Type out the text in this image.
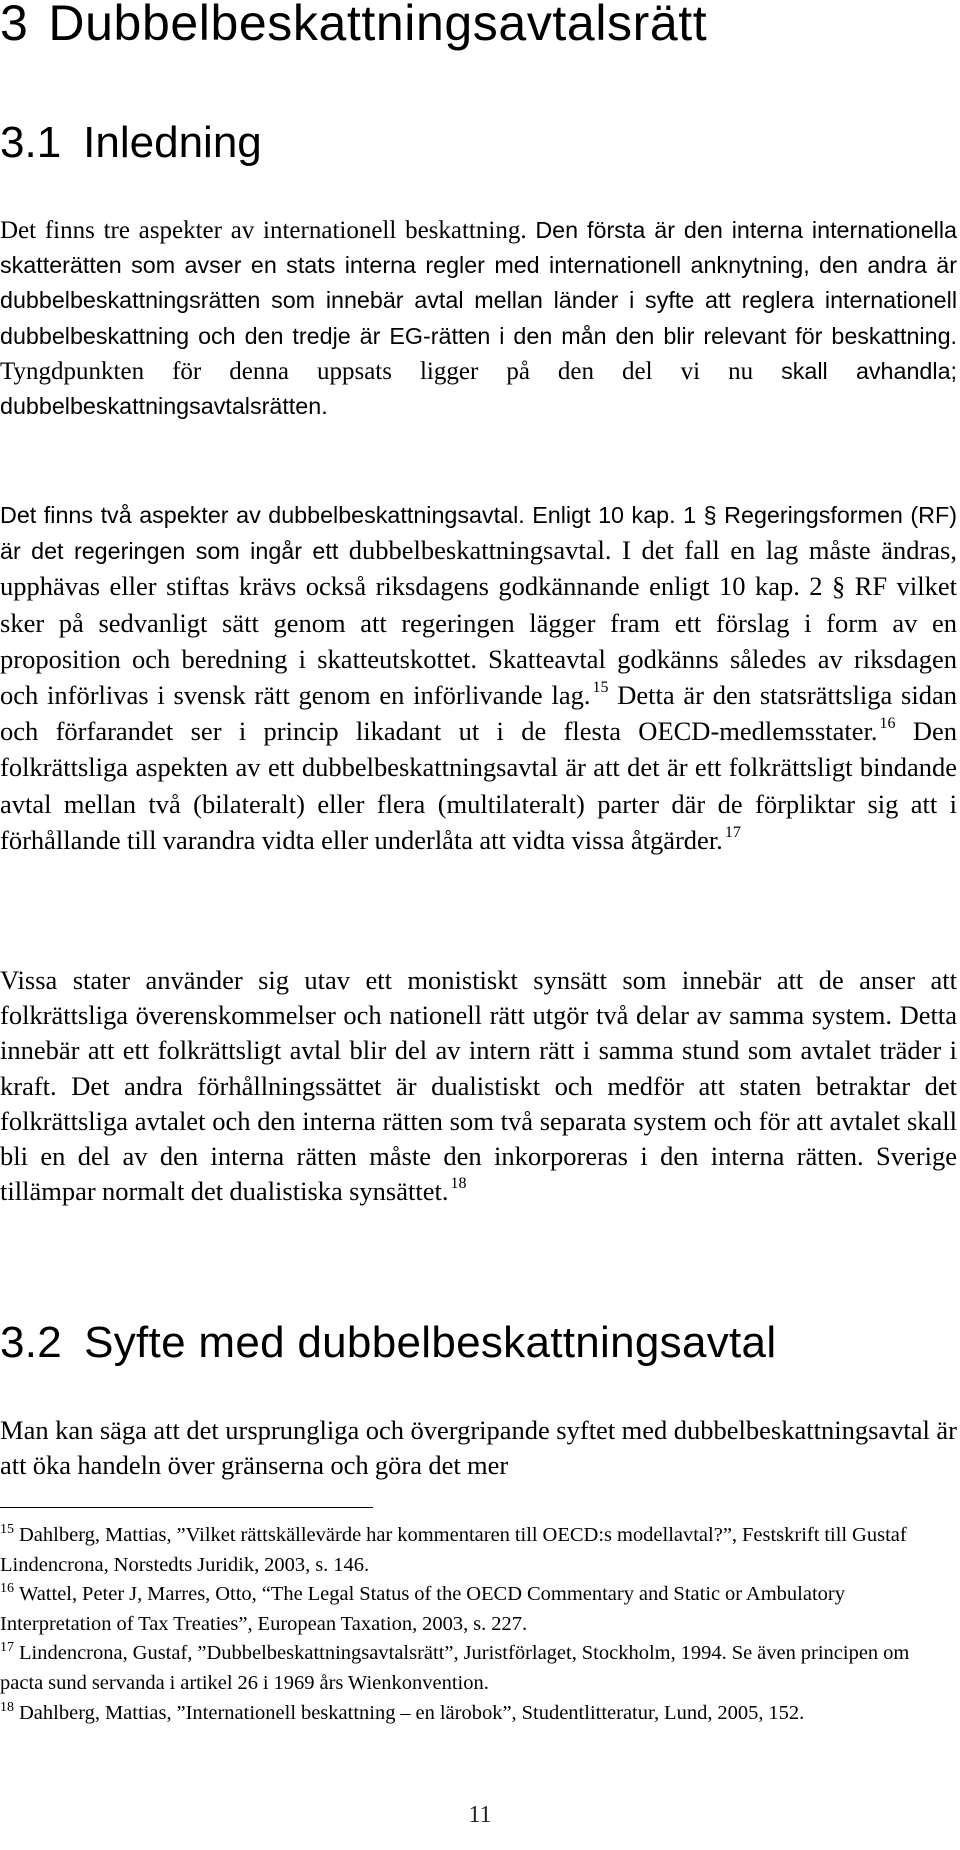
3 Dubbelbeskattningsavtalsrätt
3.1 Inledning

Det finns tre aspekter av internationell beskattning. Den första är den interna internationella skatterätten som avser en stats interna regler med internationell anknytning, den andra är dubbelbeskattningsrätten som innebär avtal mellan länder i syfte att reglera internationell dubbelbeskattning och den tredje är EG-rätten i den mån den blir relevant för beskattning. Tyngdpunkten för denna uppsats ligger på den del vi nu skall avhandla; dubbelbeskattningsavtalsrätten.

Det finns två aspekter av dubbelbeskattningsavtal. Enligt 10 kap. 1 § Regeringsformen (RF) är det regeringen som ingår ett dubbelbeskattningsavtal. I det fall en lag måste ändras, upphävas eller stiftas krävs också riksdagens godkännande enligt 10 kap. 2 § RF vilket sker på sedvanligt sätt genom att regeringen lägger fram ett förslag i form av en proposition och beredning i skatteutskottet. Skatteavtal godkänns således av riksdagen och införlivas i svensk rätt genom en införlivande lag. $^{15}$ Detta är den statsrättsliga sidan och förfarandet ser i princip likadant ut i de flesta OECD-medlemsstater. $^{16}$ Den folkrättsliga aspekten av ett dubbelbeskattningsavtal är att det är ett folkrättsligt bindande avtal mellan två (bilateralt) eller flera (multilateralt) parter där de förpliktar sig att i förhållande till varandra vidta eller underlåta att vidta vissa åtgärder. $^{17}$

Vissa stater använder sig utav ett monistiskt synsätt som innebär att de anser att folkrättsliga överenskommelser och nationell rätt utgör två delar av samma system. Detta innebär att ett folkrättsligt avtal blir del av intern rätt i samma stund som avtalet träder i kraft. Det andra förhållningssättet är dualistiskt och medför att staten betraktar det folkrättsliga avtalet och den interna rätten som två separata system och för att avtalet skall bli en del av den interna rätten måste den inkorporeras i den interna rätten. Sverige tillämpar normalt det dualistiska synsättet. $^{18}$

3.2 Syfte med dubbelbeskattningsavtal

Man kan säga att det ursprungliga och övergripande syftet med dubbelbeskattningsavtal är att öka handeln över gränserna och göra det mer

$^{15}$ Dahlberg, Mattias, ”Vilket rättskällevärde har kommentaren till OECD:s modellavtal?”, Festskrift till Gustaf Lindencrona, Norstedts Juridik, 2003, s. 146.

$^{16}$ Wattel, Peter J, Marres, Otto, “The Legal Status of the OECD Commentary and Static or Ambulatory Interpretation of Tax Treaties”, European Taxation, 2003, s. 227.

$^{17}$ Lindencrona, Gustaf, ”Dubbelbeskattningsavtalsrätt”, Juristförlaget, Stockholm, 1994. Se även principen om pacta sund servanda i artikel 26 i 1969 års Wienkonvention.

$^{18}$ Dahlberg, Mattias, ”Internationell beskattning – en lärobok”, Studentlitteratur, Lund, 2005, 152.

11
